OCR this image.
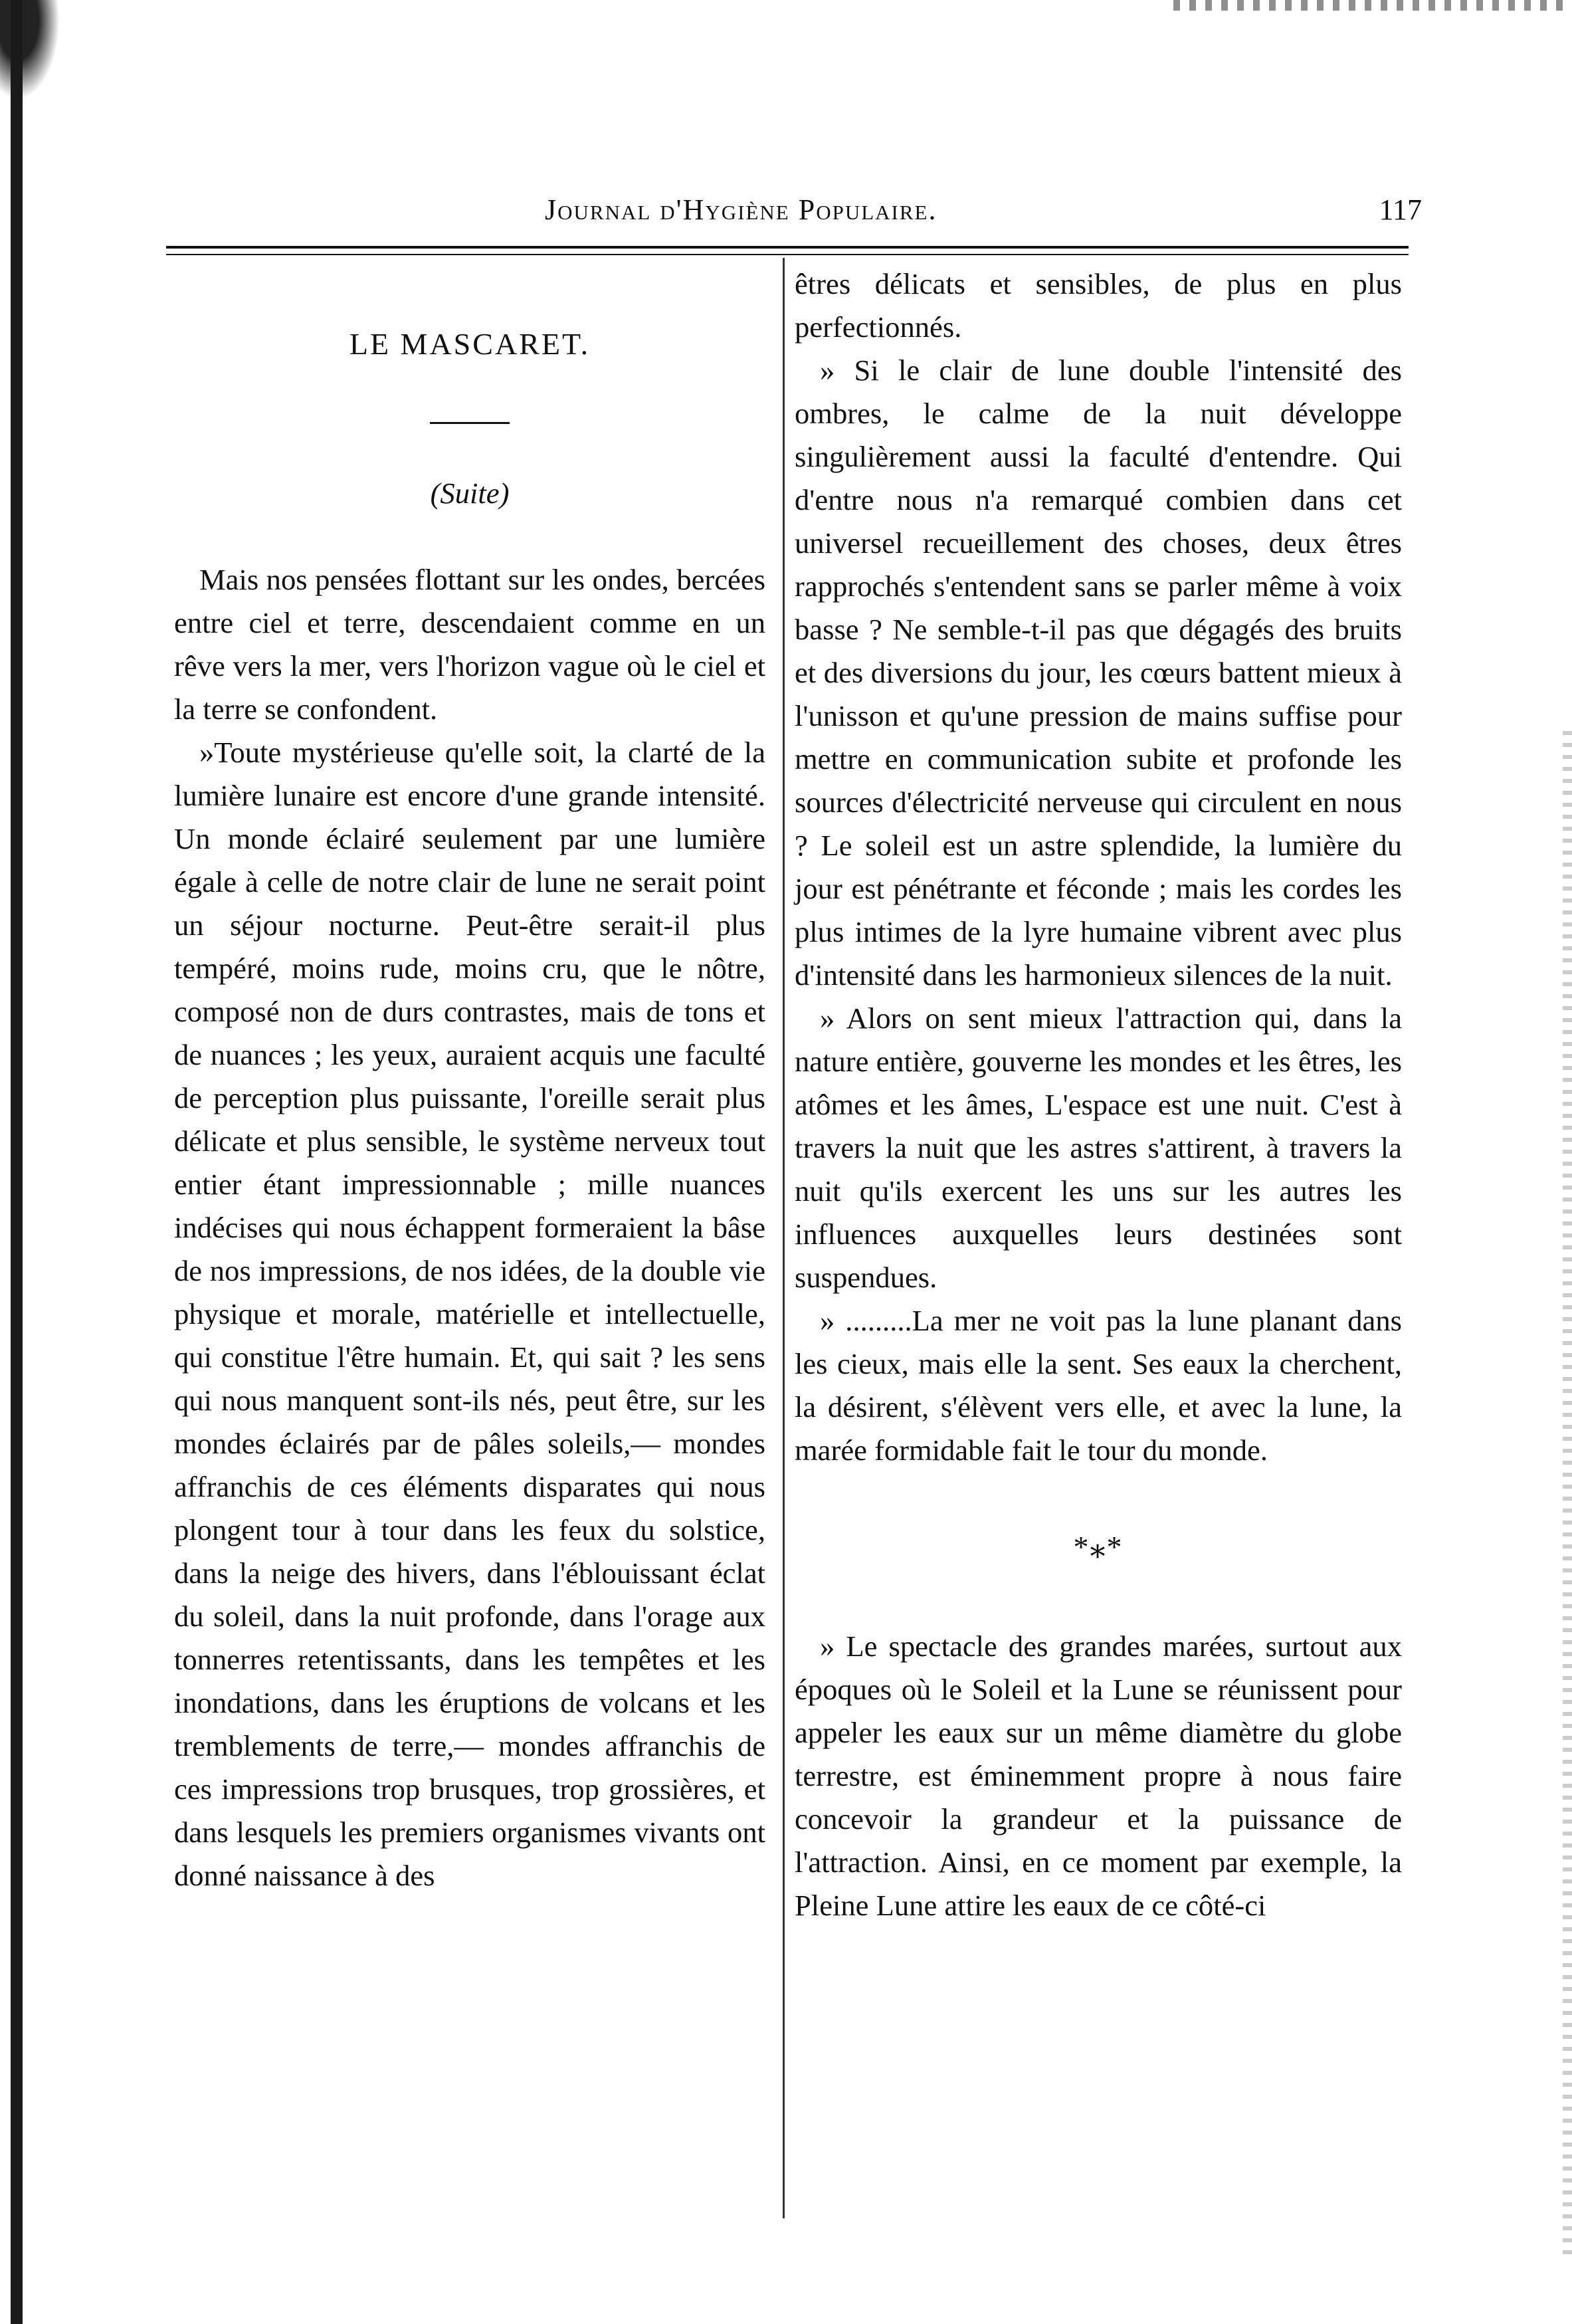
Journal d'Hygiène Populaire.	117
LE MASCARET.
(Suite)

Mais nos pensées flottant sur les ondes, bercées entre ciel et terre, descendaient comme en un rêve vers la mer, vers l'horizon vague où le ciel et la terre se confondent.

»Toute mystérieuse qu'elle soit, la clarté de la lumière lunaire est encore d'une grande intensité. Un monde éclairé seulement par une lumière égale à celle de notre clair de lune ne serait point un séjour nocturne. Peut-être serait-il plus tempéré, moins rude, moins cru, que le nôtre, composé non de durs contrastes, mais de tons et de nuances ; les yeux, auraient acquis une faculté de perception plus puissante, l'oreille serait plus délicate et plus sensible, le système nerveux tout entier étant impressionnable ; mille nuances indécises qui nous échappent formeraient la bâse de nos impressions, de nos idées, de la double vie physique et morale, matérielle et intellectuelle, qui constitue l'être humain. Et, qui sait ? les sens qui nous manquent sont-ils nés, peut être, sur les mondes éclairés par de pâles soleils,— mondes affranchis de ces éléments disparates qui nous plongent tour à tour dans les feux du solstice, dans la neige des hivers, dans l'éblouissant éclat du soleil, dans la nuit profonde, dans l'orage aux tonnerres retentissants, dans les tempêtes et les inondations, dans les éruptions de volcans et les tremblements de terre,— mondes affranchis de ces impressions trop brusques, trop grossières, et dans lesquels les premiers organismes vivants ont donné naissance à des

êtres délicats et sensibles, de plus en plus perfectionnés.

» Si le clair de lune double l'intensité des ombres, le calme de la nuit développe singulièrement aussi la faculté d'entendre. Qui d'entre nous n'a remarqué combien dans cet universel recueillement des choses, deux êtres rapprochés s'entendent sans se parler même à voix basse ? Ne semble-t-il pas que dégagés des bruits et des diversions du jour, les cœurs battent mieux à l'unisson et qu'une pression de mains suffise pour mettre en communication subite et profonde les sources d'électricité nerveuse qui circulent en nous ? Le soleil est un astre splendide, la lumière du jour est pénétrante et féconde ; mais les cordes les plus intimes de la lyre humaine vibrent avec plus d'intensité dans les harmonieux silences de la nuit.

» Alors on sent mieux l'attraction qui, dans la nature entière, gouverne les mondes et les êtres, les atômes et les âmes, L'espace est une nuit. C'est à travers la nuit que les astres s'attirent, à travers la nuit qu'ils exercent les uns sur les autres les influences auxquelles leurs destinées sont suspendues.

» .........La mer ne voit pas la lune planant dans les cieux, mais elle la sent. Ses eaux la cherchent, la désirent, s'élèvent vers elle, et avec la lune, la marée formidable fait le tour du monde.

*⁎*

» Le spectacle des grandes marées, surtout aux époques où le Soleil et la Lune se réunissent pour appeler les eaux sur un même diamètre du globe terrestre, est éminemment propre à nous faire concevoir la grandeur et la puissance de l'attraction. Ainsi, en ce moment par exemple, la Pleine Lune attire les eaux de ce côté-ci
